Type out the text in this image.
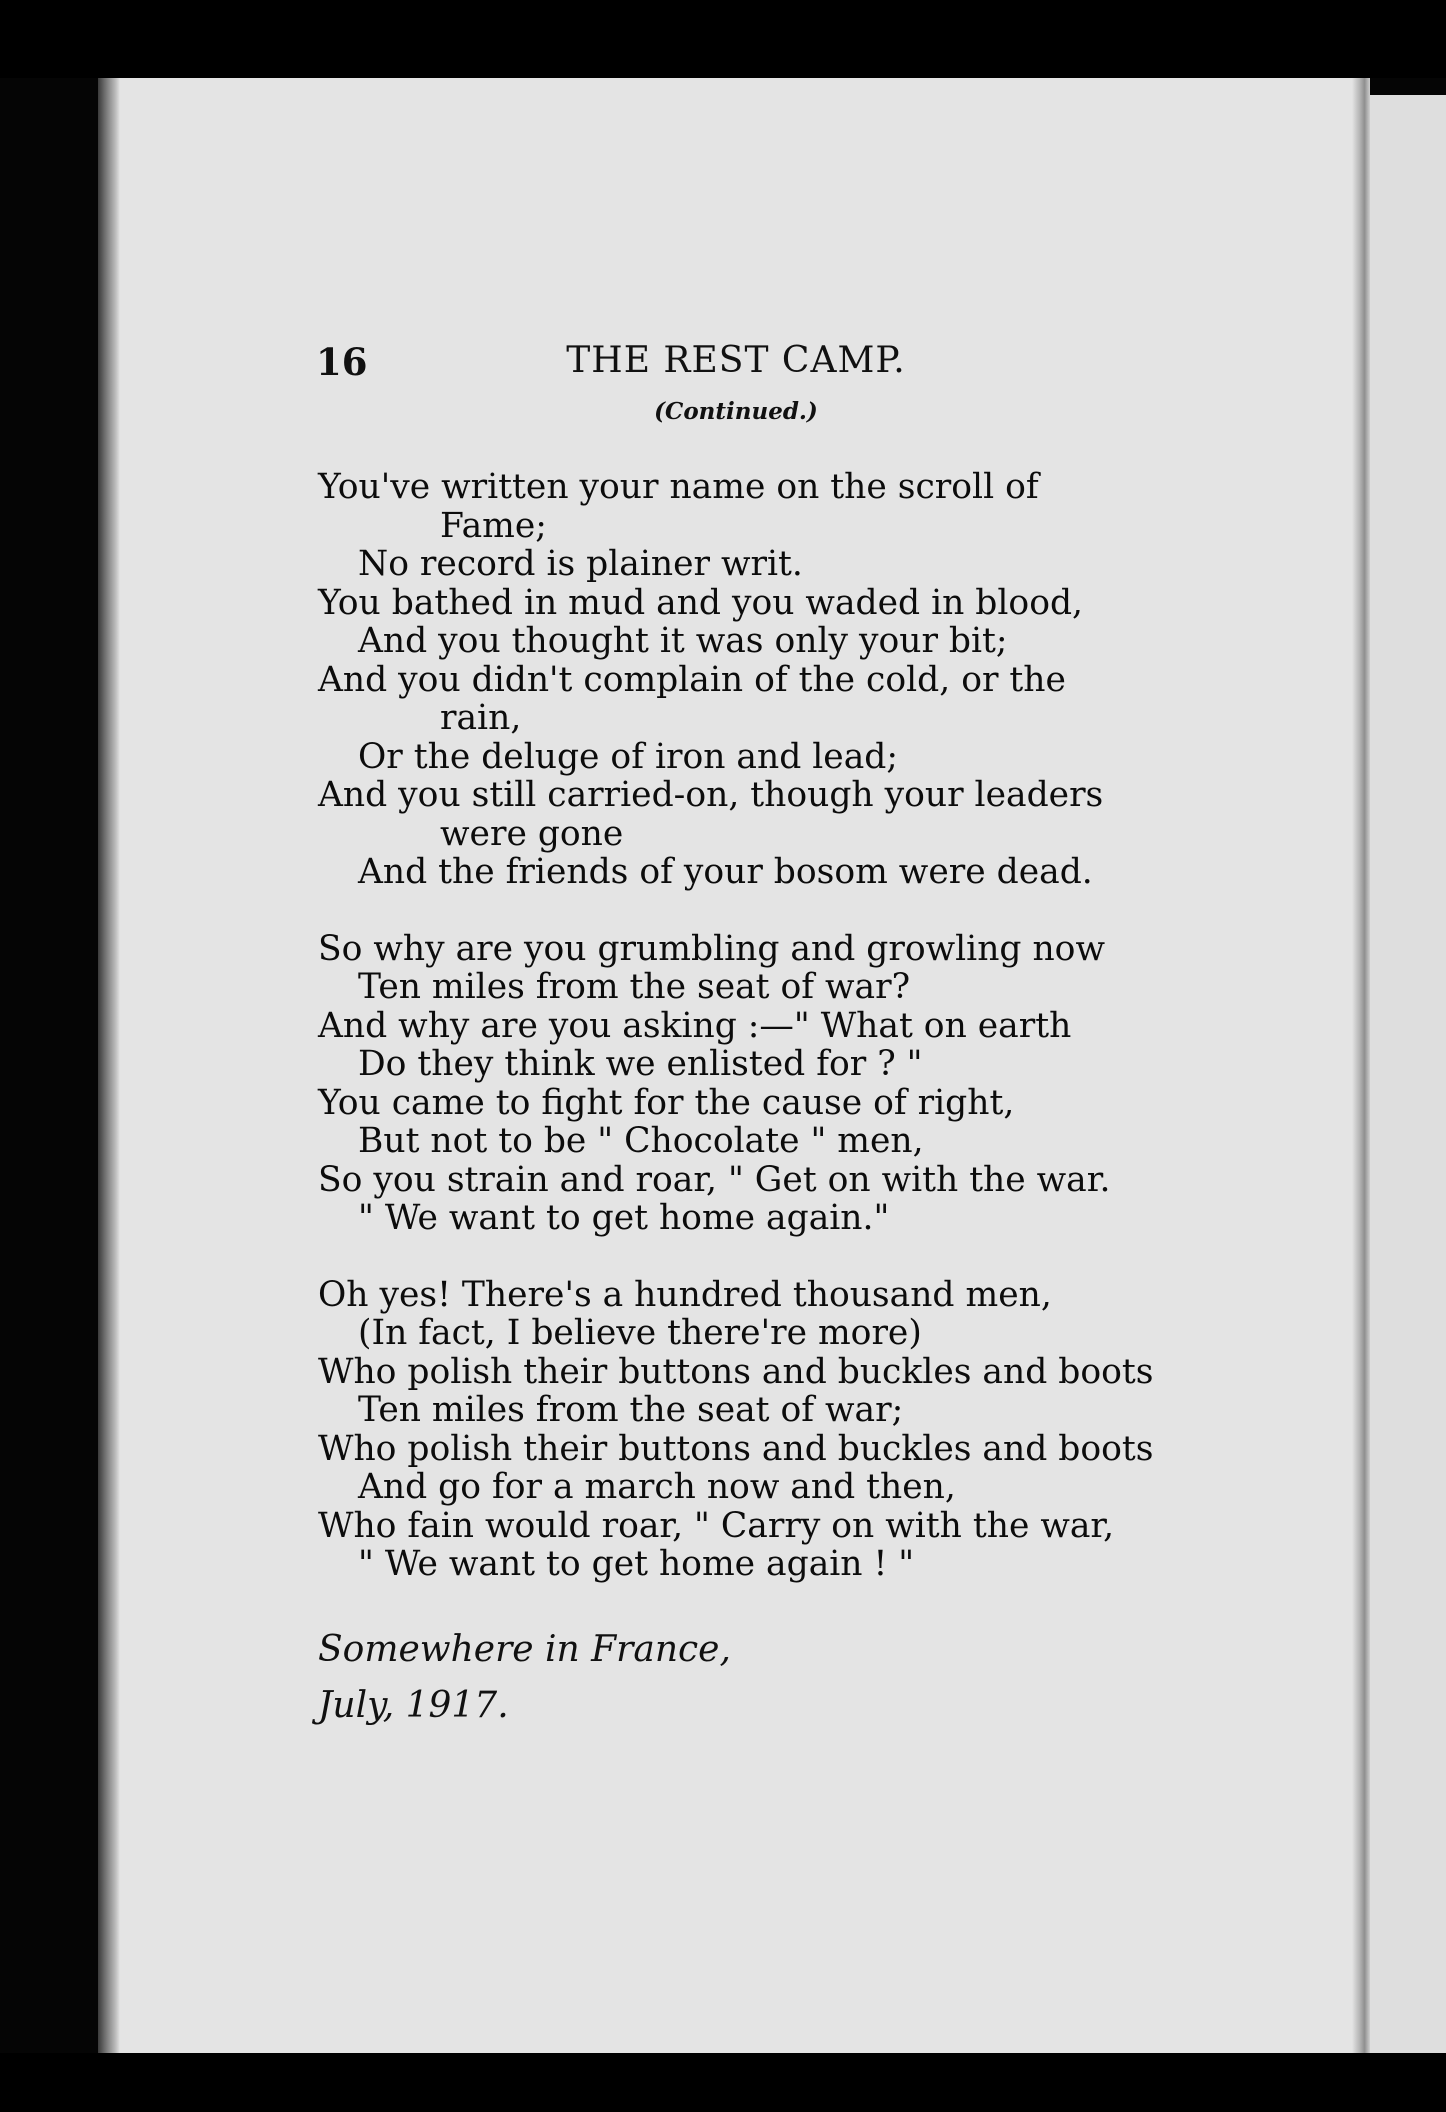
16	THE REST CAMP.
(Continued.)
You've written your name on the scroll of
Fame;
No record is plainer writ.
You bathed in mud and you waded in blood,
And you thought it was only your bit;
And you didn't complain of the cold, or the
rain,
Or the deluge of iron and lead;
And you still carried-on, though your leaders
were gone
And the friends of your bosom were dead.
So why are you grumbling and growling now
Ten miles from the seat of war?
And why are you asking :—" What on earth
Do they think we enlisted for ? "
You came to fight for the cause of right,
But not to be " Chocolate " men,
So you strain and roar, " Get on with the war.
" We want to get home again."
Oh yes! There's a hundred thousand men,
(In fact, I believe there're more)
Who polish their buttons and buckles and boots
Ten miles from the seat of war;
Who polish their buttons and buckles and boots
And go for a march now and then,
Who fain would roar, " Carry on with the war,
" We want to get home again ! "
Somewhere in France,
July, 1917.
